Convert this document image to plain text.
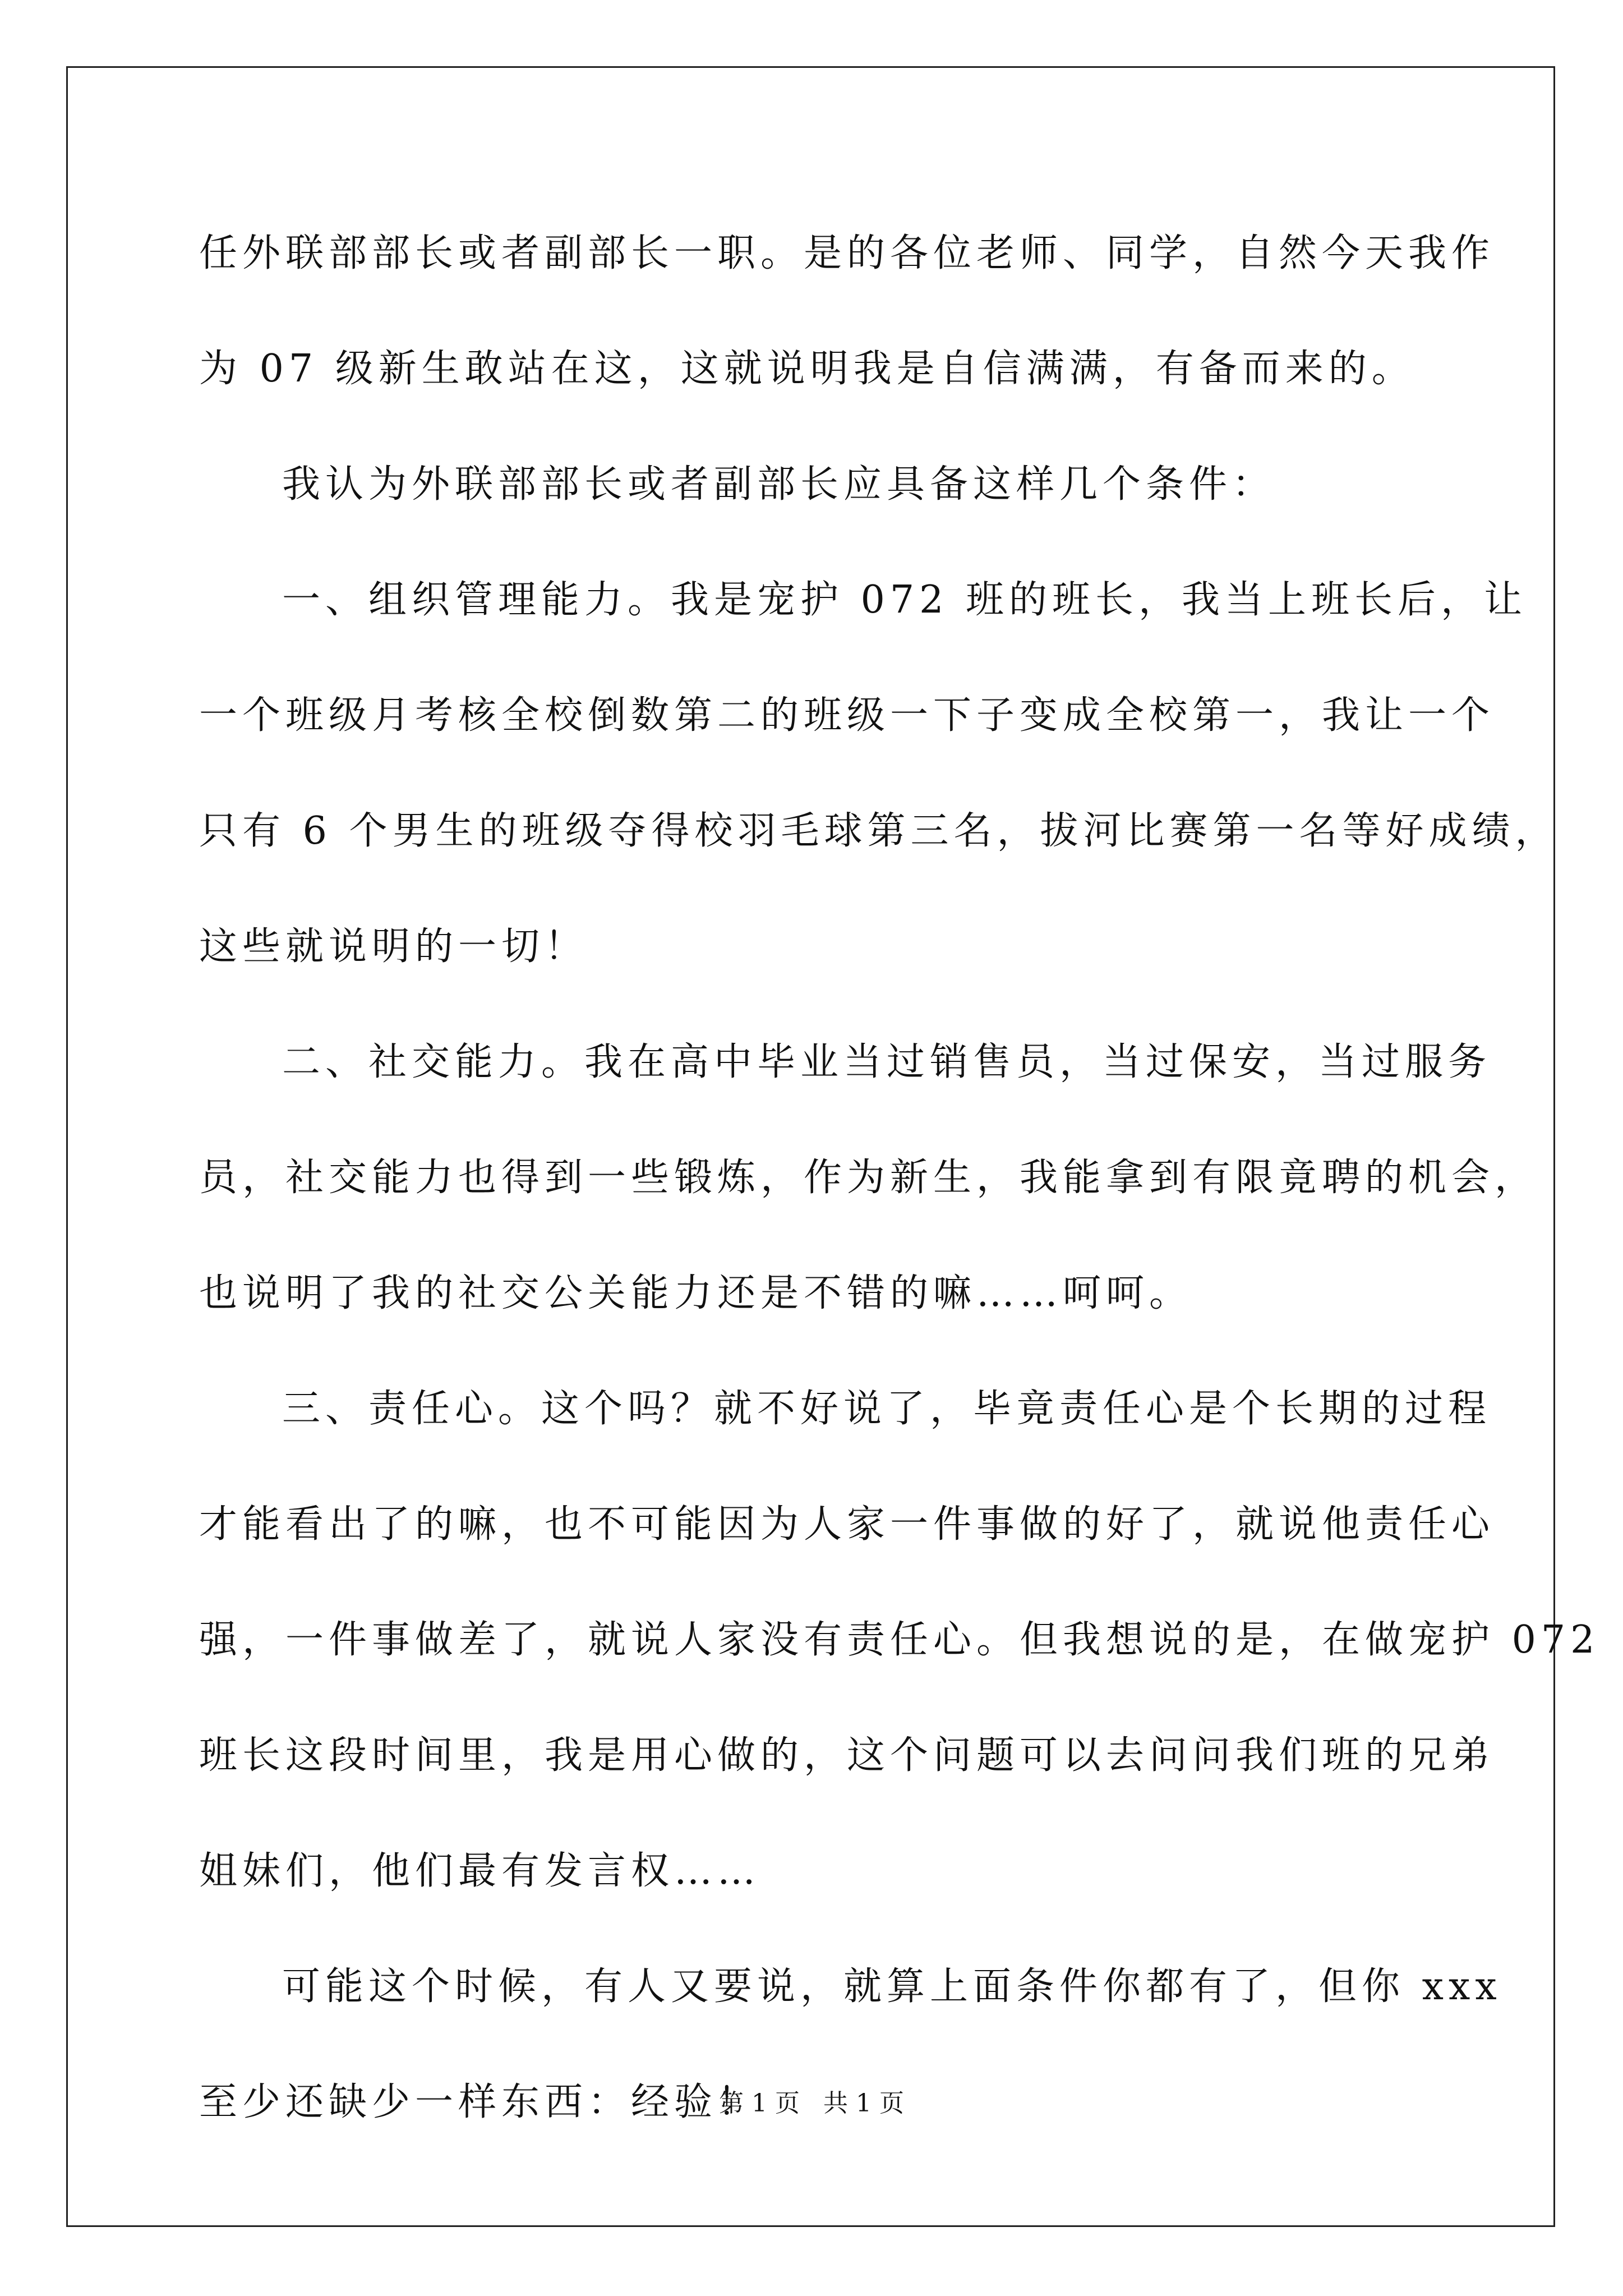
任外联部部长或者副部长一职。是的各位老师、同学，自然今天我作
为 07 级新生敢站在这，这就说明我是自信满满，有备而来的。
我认为外联部部长或者副部长应具备这样几个条件：
一、组织管理能力。我是宠护 072 班的班长，我当上班长后，让
一个班级月考核全校倒数第二的班级一下子变成全校第一，我让一个
只有 6 个男生的班级夺得校羽毛球第三名，拔河比赛第一名等好成绩，
这些就说明的一切！
二、社交能力。我在高中毕业当过销售员，当过保安，当过服务
员，社交能力也得到一些锻炼，作为新生，我能拿到有限竟聘的机会，
也说明了我的社交公关能力还是不错的嘛……呵呵。
三、责任心。这个吗？就不好说了，毕竟责任心是个长期的过程
才能看出了的嘛，也不可能因为人家一件事做的好了，就说他责任心
强，一件事做差了，就说人家没有责任心。但我想说的是，在做宠护 072
班长这段时间里，我是用心做的，这个问题可以去问问我们班的兄弟
姐妹们，他们最有发言权……
可能这个时候，有人又要说，就算上面条件你都有了，但你 xxx
至少还缺少一样东西：经验！
第 1 页   共 1 页
